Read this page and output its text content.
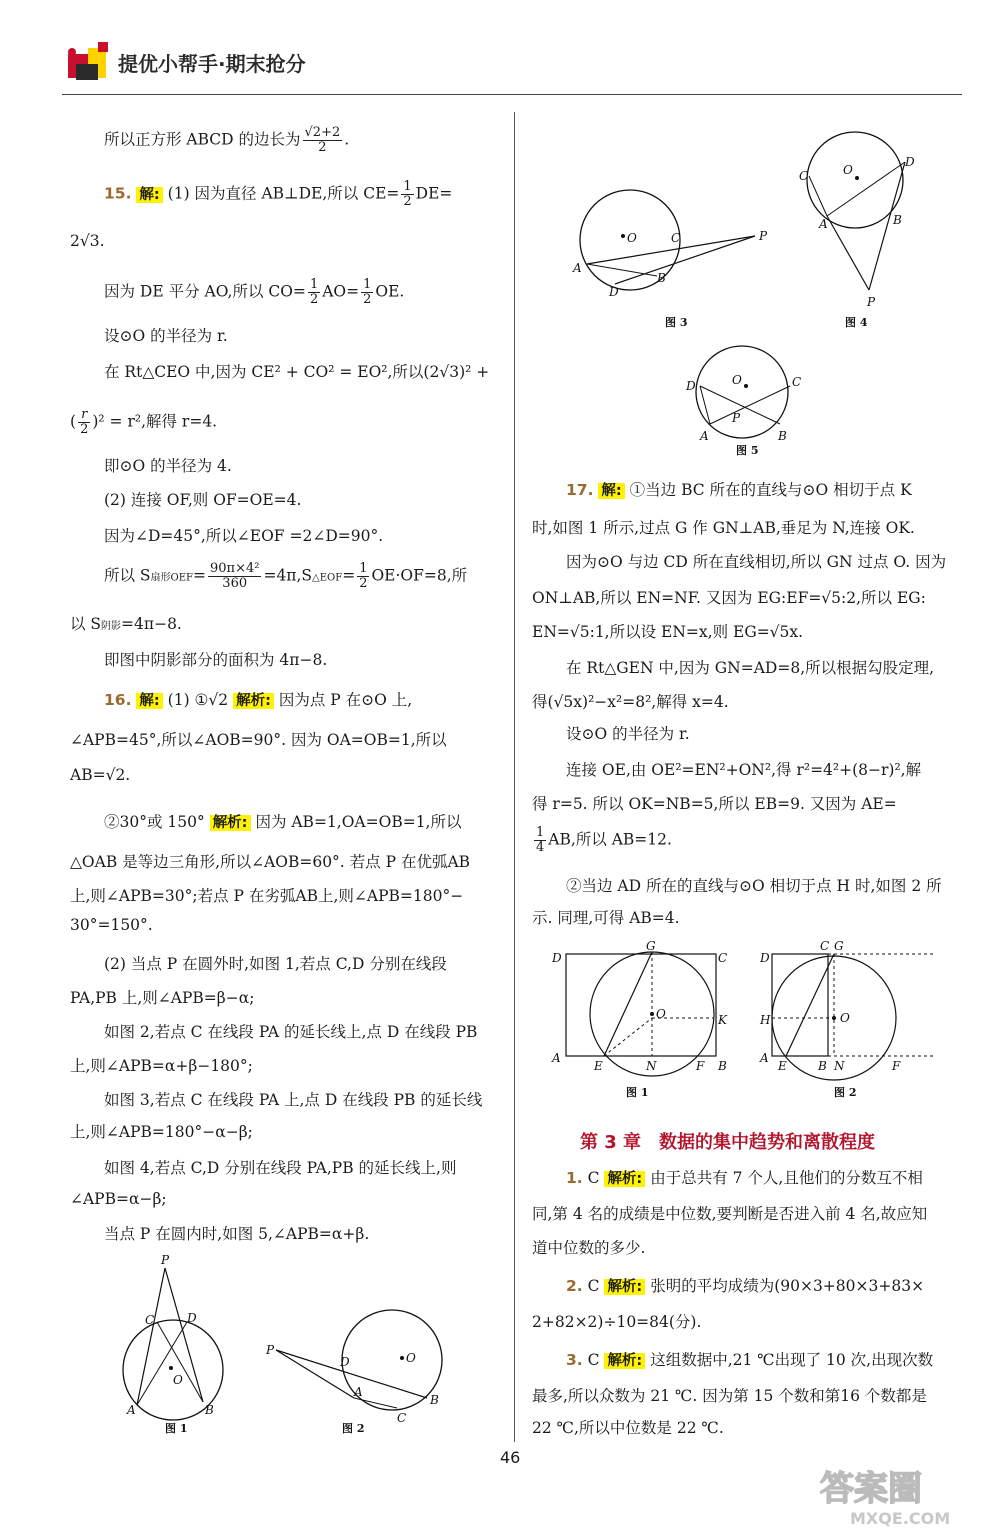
提优小帮手·期末抢分
所以正方形 ABCD 的边长为 $\frac{√2+2}{2}$ .
15. 解: (1) 因为直径 AB⊥DE,所以 $CE= \frac{1}{2} DE=$
2√3.
因为 DE 平分 AO,所以 $CO= \frac{1}{2} AO= \frac{1}{2}$ OE.
设⊙O 的半径为 r.
在 Rt△CEO 中,因为 CE² + CO² = EO²,所以(2√3)² +
( $\frac{r}{2} )^2 = r^2$,解得 r=4.
即⊙O 的半径为 4.
(2) 连接 OF,则 OF=OE=4.
因为∠D=45°,所以∠EOF =2∠D=90°.
所以 S扇形$OEF= \frac{\text{90π×4²}}{360}$ =4π,S△EOF= $\frac{1}{2} OE\cdot OF=8$,所
以 S阴影=4π−8.
即图中阴影部分的面积为 4π−8.
16. 解: (1) ①√2 解析: 因为点 P 在⊙O 上,
∠APB=45°,所以∠AOB=90°. 因为 OA=OB=1,所以
AB=√2.
②30°或 150° 解析: 因为 AB=1,OA=OB=1,所以
△OAB 是等边三角形,所以∠AOB=60°. 若点 P 在优弧AB
上,则∠APB=30°;若点 P 在劣弧AB上,则∠APB=180°−
30°=150°.
(2) 当点 P 在圆外时,如图 1,若点 C,D 分别在线段
PA,PB 上,则∠APB=β−α;
如图 2,若点 C 在线段 PA 的延长线上,点 D 在线段 PB
上,则∠APB=α+β−180°;
如图 3,若点 C 在线段 PA 上,点 D 在线段 PB 的延长线
上,则∠APB=180°−α−β;
如图 4,若点 C,D 分别在线段 PA,PB 的延长线上,则
∠APB=α−β;
当点 P 在圆内时,如图 5,∠APB=α+β.
P
C	D
O
A	B
图 1
P
D	O
A
C
B
图 2
O	C	P
A
D
B
图 3
O
D
C
A	B
P
图 4
O
D	C
P
A	B
图 5
17. 解: ①当边 BC 所在的直线与⊙O 相切于点 K
时,如图 1 所示,过点 G 作 GN⊥AB,垂足为 N,连接 OK.
因为⊙O 与边 CD 所在直线相切,所以 GN 过点 O. 因为
ON⊥AB,所以 EN=NF. 又因为 EG:EF=√5:2,所以 EG:
EN=√5:1,所以设 EN=x,则 EG=√5x.
在 Rt△GEN 中,因为 GN=AD=8,所以根据勾股定理,
得(√5x)²−x²=8²,解得 x=4.
设⊙O 的半径为 r.
连接 OE,由 OE²=EN²+ON²,得 r²=4²+(8−r)²,解
得 r=5. 所以 OK=NB=5,所以 EB=9. 又因为 AE=
$\frac{1}{4}$ AB,所以 AB=12.
②当边 AD 所在的直线与⊙O 相切于点 H 时,如图 2 所
示. 同理,可得 AB=4.
D
G
C
O	K
A
E	N	F B
图 1
D
C G
H	O
A
E	B N	F
图 2
第 3 章　数据的集中趋势和离散程度
1. C 解析: 由于总共有 7 个人,且他们的分数互不相
同,第 4 名的成绩是中位数,要判断是否进入前 4 名,故应知
道中位数的多少.
2. C 解析: 张明的平均成绩为(90×3+80×3+83×
2+82×2)÷10=84(分).
3. C 解析: 这组数据中,21 ℃出现了 10 次,出现次数
最多,所以众数为 21 ℃. 因为第 15 个数和第16 个数都是
22 ℃,所以中位数是 22 ℃.
46
答案圈
MXQE.COM
